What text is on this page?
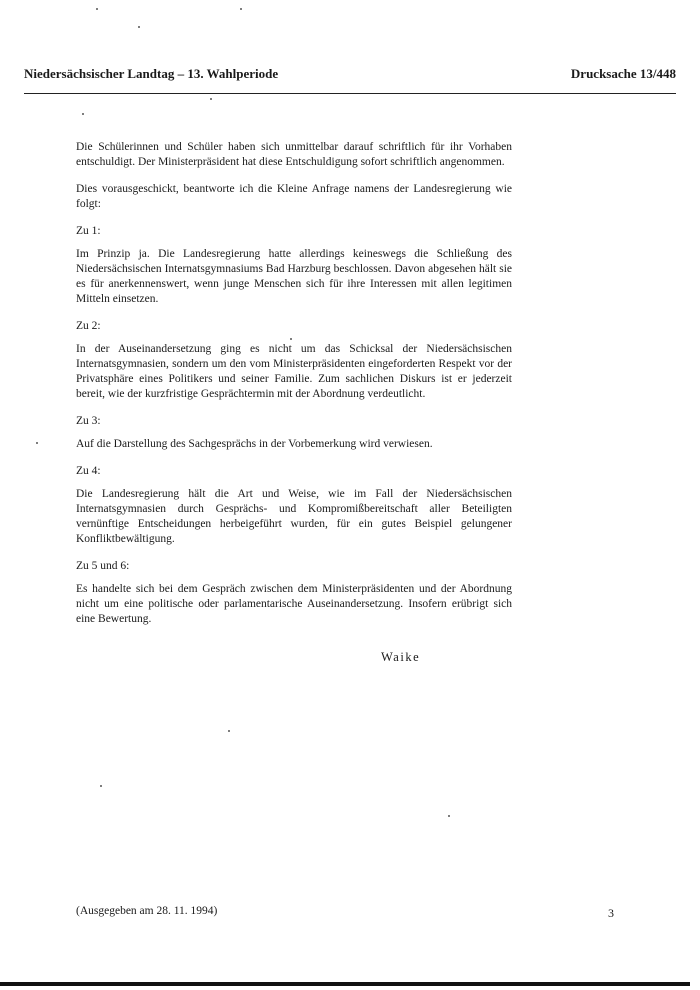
Niedersächsischer Landtag – 13. Wahlperiode	Drucksache 13/448

Die Schülerinnen und Schüler haben sich unmittelbar darauf schriftlich für ihr Vorhaben entschuldigt. Der Ministerpräsident hat diese Entschuldigung sofort schriftlich angenommen.

Dies vorausgeschickt, beantworte ich die Kleine Anfrage namens der Landesregierung wie folgt:

Zu 1:

Im Prinzip ja. Die Landesregierung hatte allerdings keineswegs die Schließung des Niedersächsischen Internatsgymnasiums Bad Harzburg beschlossen. Davon abgesehen hält sie es für anerkennenswert, wenn junge Menschen sich für ihre Interessen mit allen legitimen Mitteln einsetzen.

Zu 2:

In der Auseinandersetzung ging es nicht um das Schicksal der Niedersächsischen Internatsgymnasien, sondern um den vom Ministerpräsidenten eingeforderten Respekt vor der Privatsphäre eines Politikers und seiner Familie. Zum sachlichen Diskurs ist er jederzeit bereit, wie der kurzfristige Gesprächtermin mit der Abordnung verdeutlicht.

Zu 3:

Auf die Darstellung des Sachgesprächs in der Vorbemerkung wird verwiesen.

Zu 4:

Die Landesregierung hält die Art und Weise, wie im Fall der Niedersächsischen Internatsgymnasien durch Gesprächs- und Kompromißbereitschaft aller Beteiligten vernünftige Entscheidungen herbeigeführt wurden, für ein gutes Beispiel gelungener Konfliktbewältigung.

Zu 5 und 6:

Es handelte sich bei dem Gespräch zwischen dem Ministerpräsidenten und der Abordnung nicht um eine politische oder parlamentarische Auseinandersetzung. Insofern erübrigt sich eine Bewertung.

Waike
(Ausgegeben am 28. 11. 1994)	3
